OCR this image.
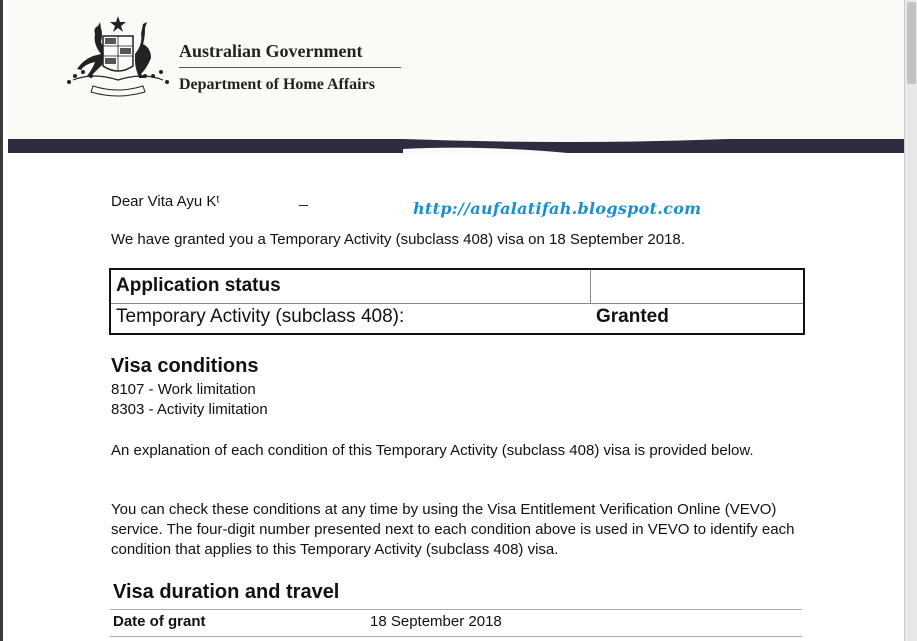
Australian Government
Department of Home Affairs
Dear Vita Ayu Kᵗ	http://aufalatifah.blogspot.com
We have granted you a Temporary Activity (subclass 408) visa on 18 September 2018.
Application status
Temporary Activity (subclass 408):	Granted
Visa conditions
8107 - Work limitation
8303 - Activity limitation
An explanation of each condition of this Temporary Activity (subclass 408) visa is provided below.
You can check these conditions at any time by using the Visa Entitlement Verification Online (VEVO) service. The four-digit number presented next to each condition above is used in VEVO to identify each condition that applies to this Temporary Activity (subclass 408) visa.
Visa duration and travel
Date of grant	18 September 2018
